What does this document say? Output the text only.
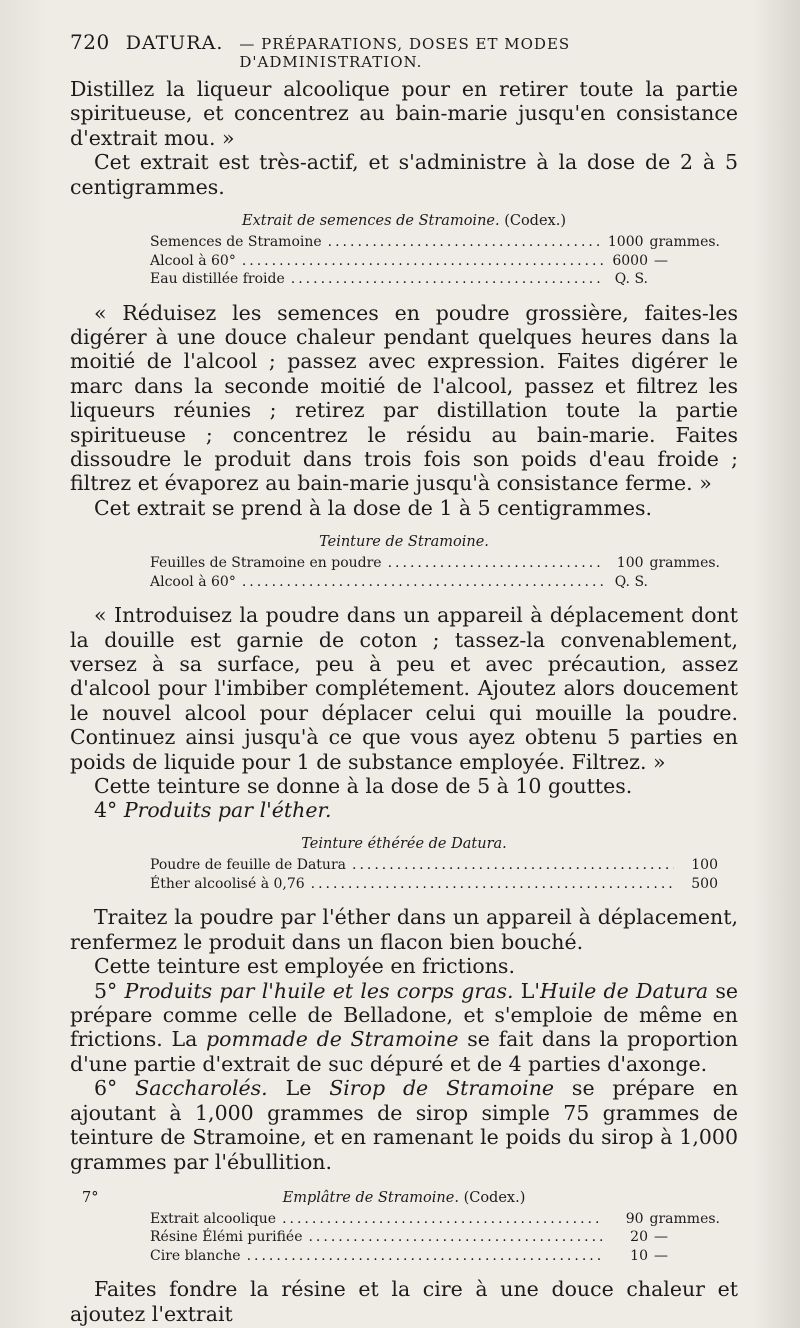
720 DATURA. — PRÉPARATIONS, DOSES ET MODES D'ADMINISTRATION.

Distillez la liqueur alcoolique pour en retirer toute la partie spiritueuse, et concentrez au bain-marie jusqu'en consistance d'extrait mou. »

Cet extrait est très-actif, et s'administre à la dose de 2 à 5 centigrammes.

Extrait de semences de Stramoine. (Codex.)
Semences de Stramoine .....	1000 grammes.
Alcool à 60° .....	6000 —
Eau distillée froide .....	Q. S.

« Réduisez les semences en poudre grossière, faites-les digérer à une douce chaleur pendant quelques heures dans la moitié de l'alcool ; passez avec expression. Faites digérer le marc dans la seconde moitié de l'alcool, passez et filtrez les liqueurs réunies ; retirez par distillation toute la partie spiritueuse ; concentrez le résidu au bain-marie. Faites dissoudre le produit dans trois fois son poids d'eau froide ; filtrez et évaporez au bain-marie jusqu'à consistance ferme. »

Cet extrait se prend à la dose de 1 à 5 centigrammes.

Teinture de Stramoine.
Feuilles de Stramoine en poudre .....	100 grammes.
Alcool à 60° .....	Q. S.

« Introduisez la poudre dans un appareil à déplacement dont la douille est garnie de coton ; tassez-la convenablement, versez à sa surface, peu à peu et avec précaution, assez d'alcool pour l'imbiber complétement. Ajoutez alors doucement le nouvel alcool pour déplacer celui qui mouille la poudre. Continuez ainsi jusqu'à ce que vous ayez obtenu 5 parties en poids de liquide pour 1 de substance employée. Filtrez. »

Cette teinture se donne à la dose de 5 à 10 gouttes.

4° Produits par l'éther.
Teinture éthérée de Datura.
Poudre de feuille de Datura .....	100
Éther alcoolisé à 0,76 .....	500

Traitez la poudre par l'éther dans un appareil à déplacement, renfermez le produit dans un flacon bien bouché.

Cette teinture est employée en frictions.

5° Produits par l'huile et les corps gras. L'Huile de Datura se prépare comme celle de Belladone, et s'emploie de même en frictions. La pommade de Stramoine se fait dans la proportion d'une partie d'extrait de suc dépuré et de 4 parties d'axonge.

6° Saccharolés. Le Sirop de Stramoine se prépare en ajoutant à 1,000 grammes de sirop simple 75 grammes de teinture de Stramoine, et en ramenant le poids du sirop à 1,000 grammes par l'ébullition.

7°	Emplâtre de Stramoine. (Codex.)
Extrait alcoolique .....	90 grammes.
Résine Élémi purifiée .....	20 —
Cire blanche .....	10 —

Faites fondre la résine et la cire à une douce chaleur et ajoutez l'extrait
